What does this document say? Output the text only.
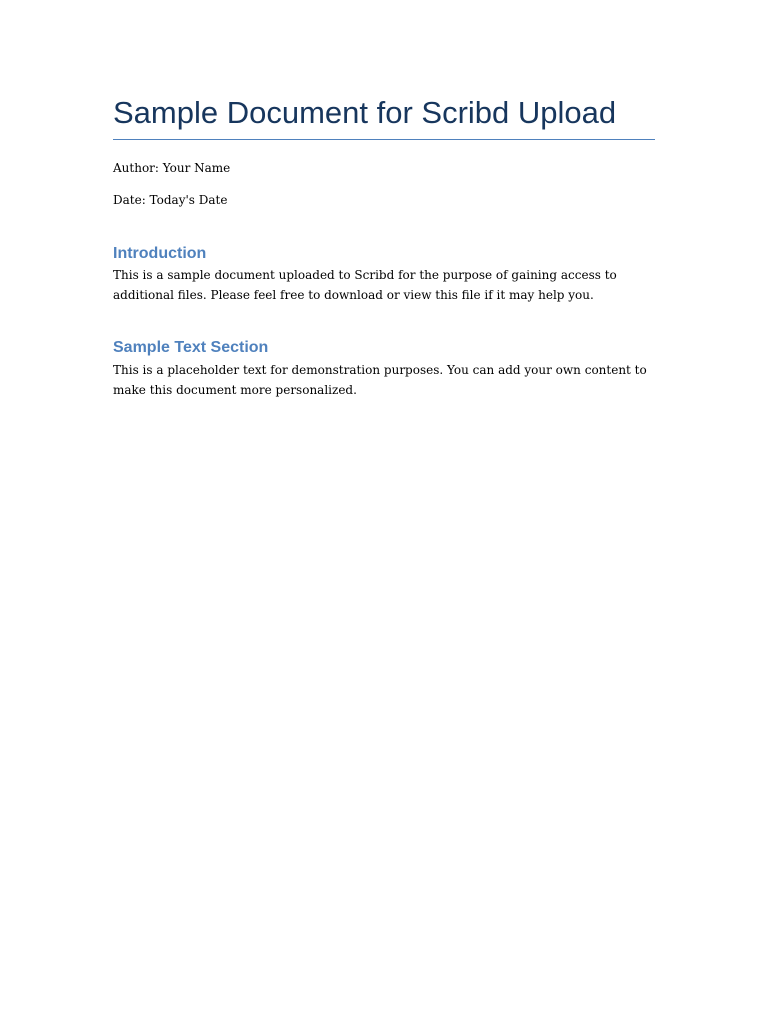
Sample Document for Scribd Upload

Author: Your Name

Date: Today's Date

Introduction

This is a sample document uploaded to Scribd for the purpose of gaining access to additional files. Please feel free to download or view this file if it may help you.

Sample Text Section

This is a placeholder text for demonstration purposes. You can add your own content to make this document more personalized.
